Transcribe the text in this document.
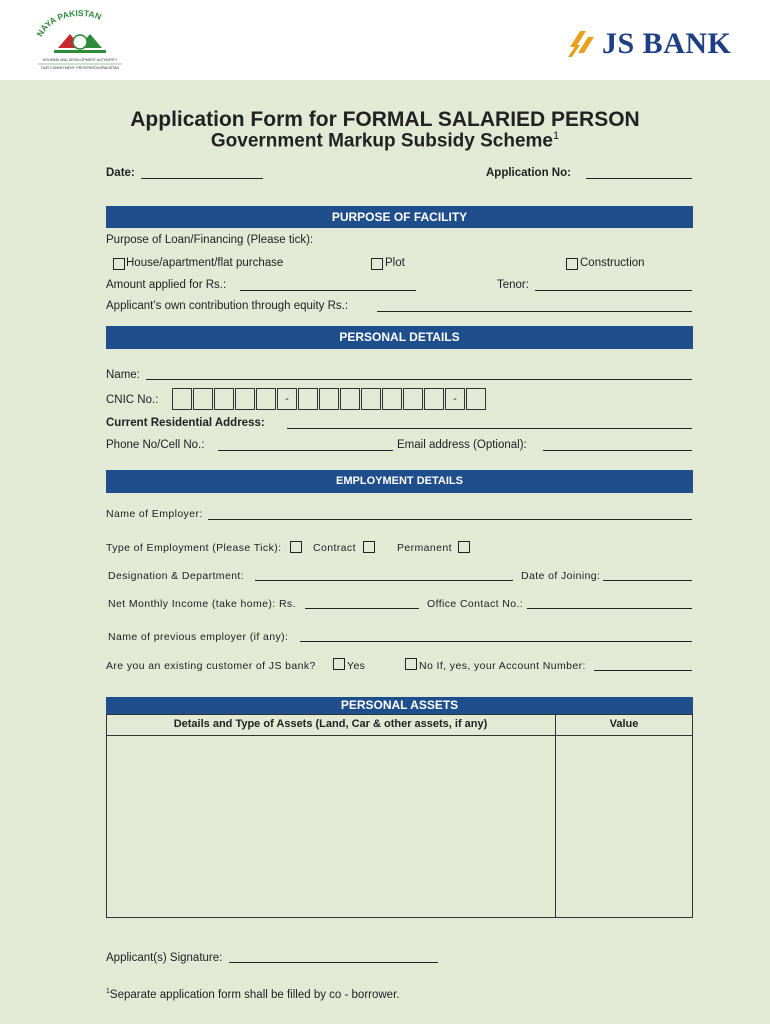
NAYA PAKISTAN
HOUSING AND DEVELOPMENT AUTHORITY
OUR COMMITMENT: PROSPEROUSPAKISTAN
JS BANK
Application Form for FORMAL SALARIED PERSON
Government Markup Subsidy Scheme$^1$
Date:	Application No:
PURPOSE OF FACILITY
Purpose of Loan/Financing (Please tick):
House/apartment/flat purchase	Plot	Construction
Amount applied for Rs.:	Tenor:
Applicant’s own contribution through equity Rs.:
PERSONAL DETAILS
Name:
CNIC No.:	-	-
Current Residential Address:
Phone No/Cell No.:	Email address (Optional):
EMPLOYMENT DETAILS
Name of Employer:
Type of Employment (Please Tick):	Contract	Permanent
Designation & Department:	Date of Joining:
Net Monthly Income (take home): Rs.	Office Contact No.:
Name of previous employer (if any):
Are you an existing customer of JS bank?	Yes	No If, yes, your Account Number:
PERSONAL ASSETS
Details and Type of Assets (Land, Car & other assets, if any)	Value
Applicant(s) Signature:
$^1$Separate application form shall be filled by co - borrower.
